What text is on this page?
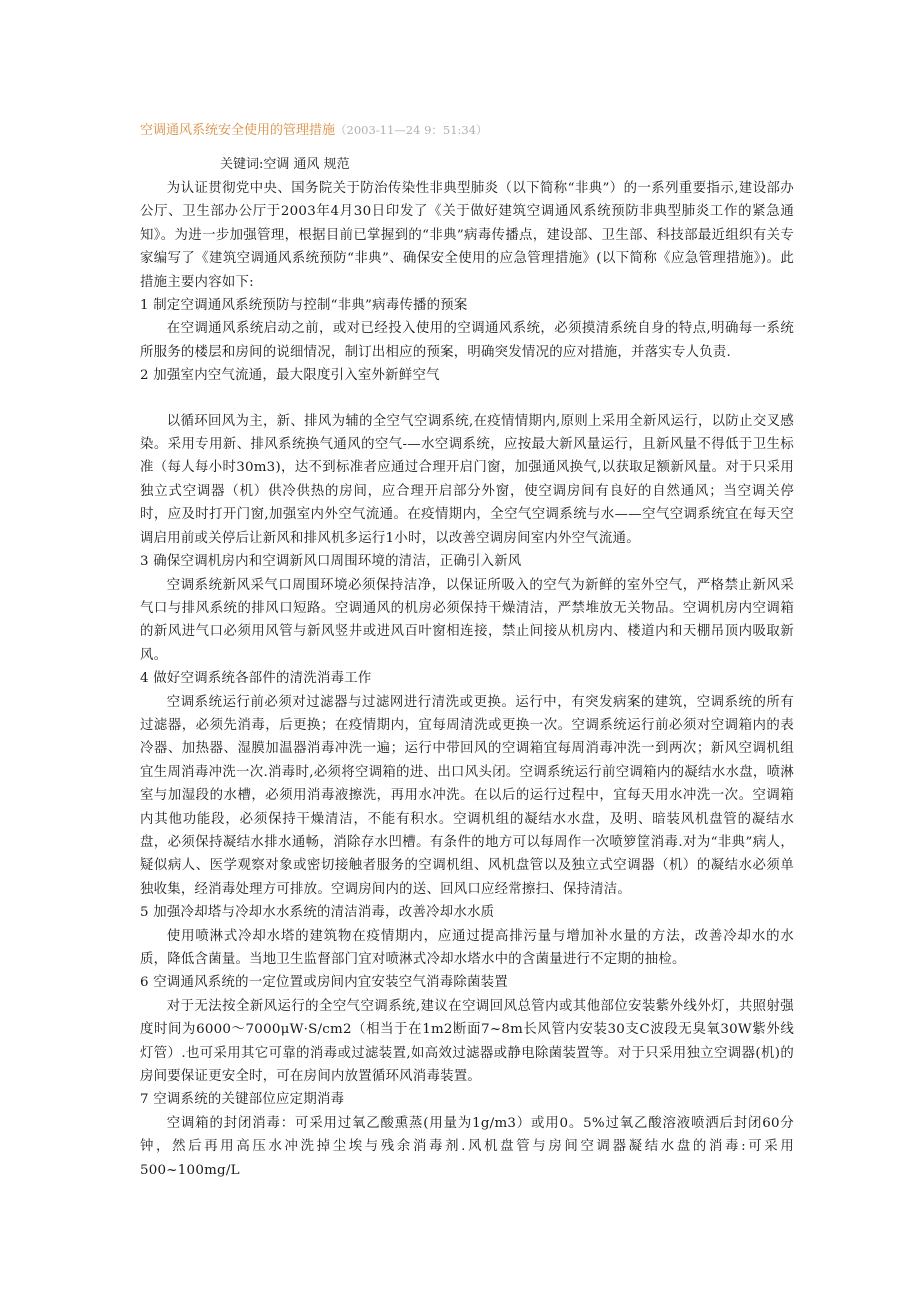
空调通风系统安全使用的管理措施（2003-11—24 9：51:34）
关键词:空调 通风 规范

为认证贯彻党中央、国务院关于防治传染性非典型肺炎（以下简称“非典”）的一系列重要指示,建设部办公厅、卫生部办公厅于2003年4月30日印发了《关于做好建筑空调通风系统预防非典型肺炎工作的紧急通知》。为进一步加强管理，根据目前已掌握到的“非典”病毒传播点，建设部、卫生部、科技部最近组织有关专家编写了《建筑空调通风系统预防“非典”、确保安全使用的应急管理措施》(以下简称《应急管理措施》)。此措施主要内容如下:

1 制定空调通风系统预防与控制“非典”病毒传播的预案

在空调通风系统启动之前，或对已经投入使用的空调通风系统，必须摸清系统自身的特点,明确每一系统所服务的楼层和房间的说细情况，制订出相应的预案，明确突发情况的应对措施，并落实专人负责.

2 加强室内空气流通，最大限度引入室外新鲜空气

以循环回风为主，新、排风为辅的全空气空调系统,在疫情情期内,原则上采用全新风运行，以防止交叉感染。采用专用新、排风系统换气通风的空气-—水空调系统，应按最大新风量运行，且新风量不得低于卫生标准（每人每小时30m3)，达不到标准者应通过合理开启门窗，加强通风换气,以获取足额新风量。对于只采用独立式空调器（机）供冷供热的房间，应合理开启部分外窗，使空调房间有良好的自然通风；当空调关停时，应及时打开门窗,加强室内外空气流通。在疫情期内，全空气空调系统与水——空气空调系统宜在每天空调启用前或关停后让新风和排风机多运行1小时，以改善空调房间室内外空气流通。

3 确保空调机房内和空调新风口周围环境的清洁，正确引入新风

空调系统新风采气口周围环境必须保持洁净，以保证所吸入的空气为新鲜的室外空气，严格禁止新风采气口与排风系统的排风口短路。空调通风的机房必须保持干燥清洁，严禁堆放无关物品。空调机房内空调箱的新风进气口必须用风管与新风竖井或进风百叶窗相连接，禁止间接从机房内、楼道内和天棚吊顶内吸取新风。

4 做好空调系统各部件的清洗消毒工作

空调系统运行前必须对过滤器与过滤网进行清洗或更换。运行中，有突发病案的建筑，空调系统的所有过滤器，必须先消毒，后更换；在疫情期内，宜每周清洗或更换一次。空调系统运行前必须对空调箱内的表冷器、加热器、湿膜加温器消毒冲洗一遍；运行中带回风的空调箱宜每周消毒冲洗一到两次；新风空调机组宜生周消毒冲洗一次.消毒时,必须将空调箱的进、出口风头闭。空调系统运行前空调箱内的凝结水水盘，喷淋室与加湿段的水槽，必须用消毒液擦洗，再用水冲洗。在以后的运行过程中，宜每天用水冲洗一次。空调箱内其他功能段，必须保持干燥清洁，不能有积水。空调机组的凝结水水盘，及明、暗装风机盘管的凝结水盘，必须保持凝结水排水通畅，消除存水凹槽。有条件的地方可以每周作一次喷箩筐消毒.对为“非典”病人，疑似病人、医学观察对象或密切接触者服务的空调机组、风机盘管以及独立式空调器（机）的凝结水必须单独收集，经消毒处理方可排放。空调房间内的送、回风口应经常擦扫、保持清洁。

5 加强冷却塔与冷却水水系统的清洁消毒，改善冷却水水质

使用喷淋式冷却水塔的建筑物在疫情期内，应通过提高排污量与增加补水量的方法，改善冷却水的水质，降低含菌量。当地卫生监督部门宜对喷淋式冷却水塔水中的含菌量进行不定期的抽检。

6 空调通风系统的一定位置或房间内宜安装空气消毒除菌装置

对于无法按全新风运行的全空气空调系统,建议在空调回风总管内或其他部位安装紫外线外灯，共照射强度时间为6000～7000μW·S/cm2（相当于在1m2断面7~8m长风管内安装30支C波段无臭氧30W紫外线灯管）.也可采用其它可靠的消毒或过滤装置,如高效过滤器或静电除菌装置等。对于只采用独立空调器(机)的房间要保证更安全时，可在房间内放置循环风消毒装置。

7 空调系统的关键部位应定期消毒

空调箱的封闭消毒：可采用过氧乙酸熏蒸(用量为1g/m3）或用0。5%过氧乙酸溶液喷洒后封闭60分钟，然后再用高压水冲洗掉尘埃与残余消毒剂.风机盘管与房间空调器凝结水盘的消毒:可采用500~100mg/L
